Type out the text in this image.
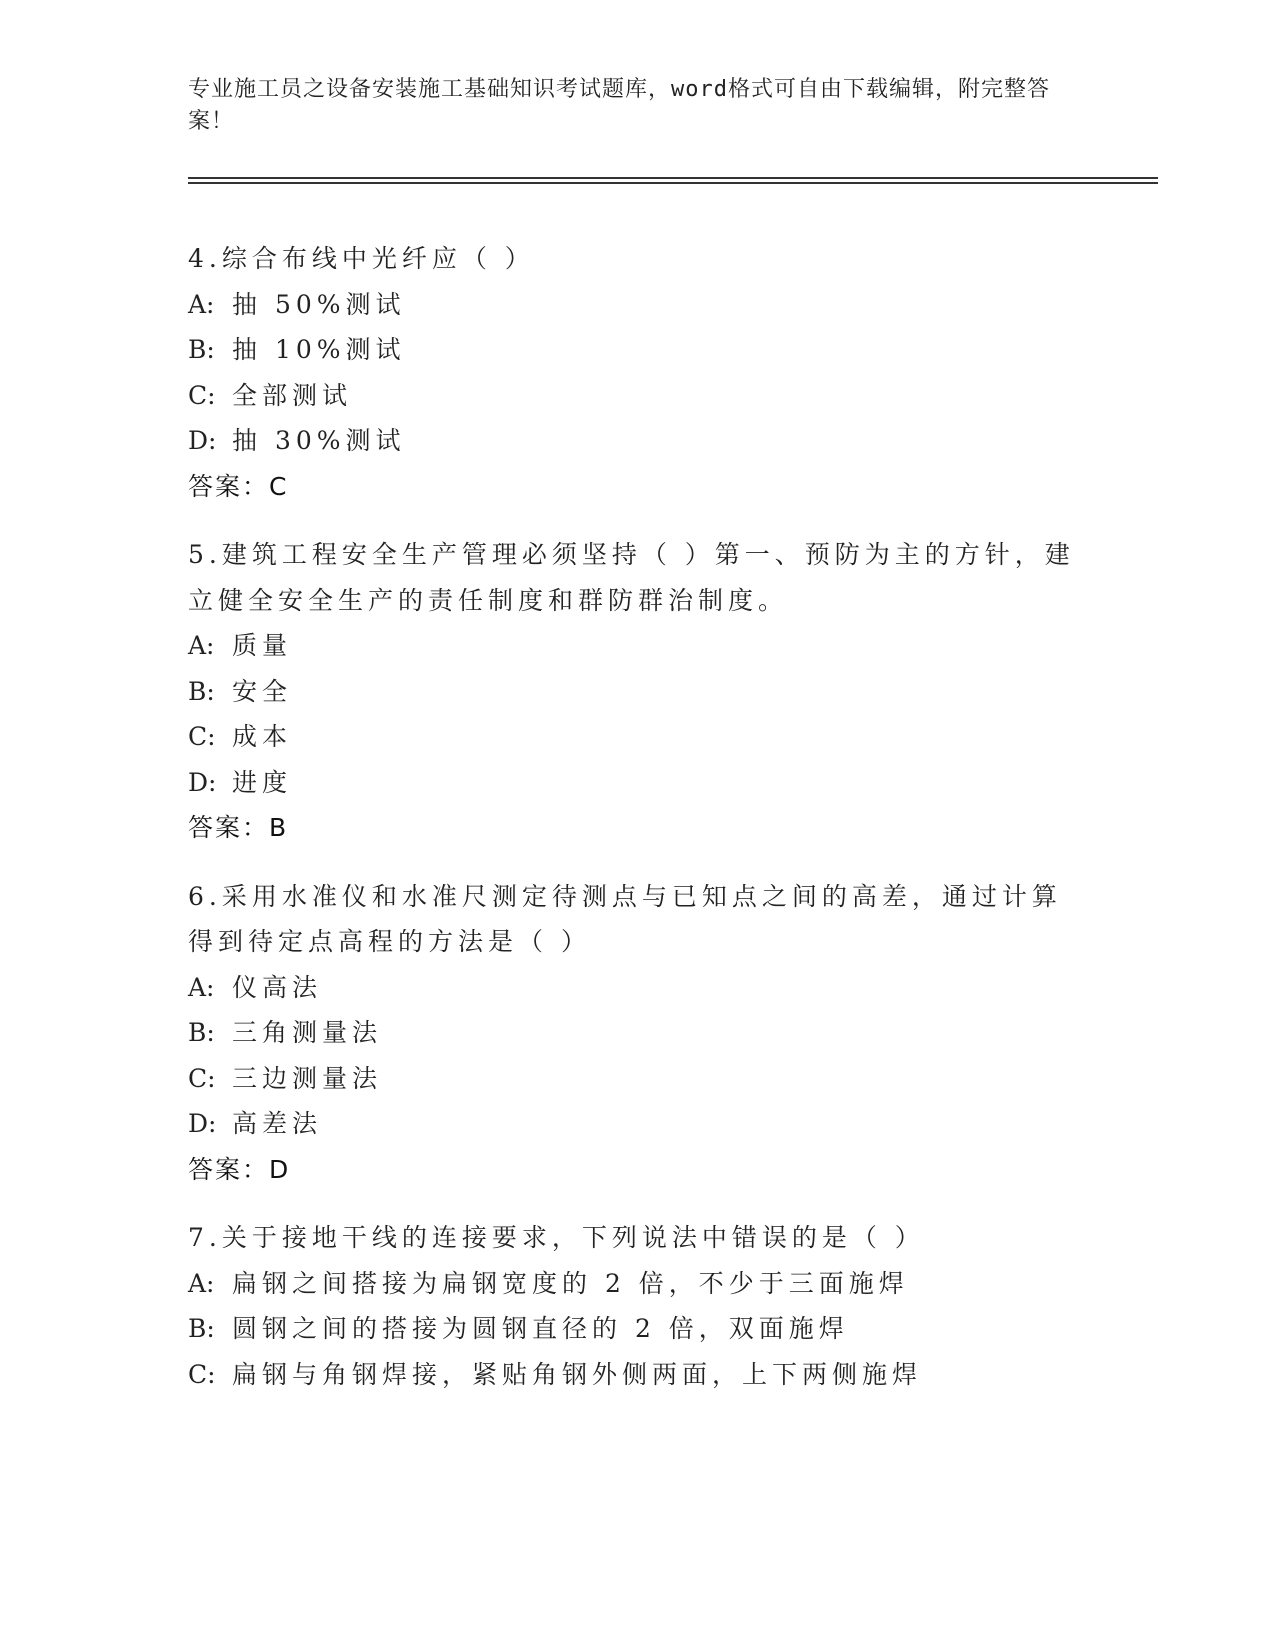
专业施工员之设备安装施工基础知识考试题库，word格式可自由下载编辑，附完整答案！
4.综合布线中光纤应（ ）
A: 抽 50%测试
B: 抽 10%测试
C: 全部测试
D: 抽 30%测试
答案：C
5.建筑工程安全生产管理必须坚持（ ）第一、预防为主的方针，建立健全安全生产的责任制度和群防群治制度。
A: 质量
B: 安全
C: 成本
D: 进度
答案：B
6.采用水准仪和水准尺测定待测点与已知点之间的高差，通过计算得到待定点高程的方法是（ ）
A: 仪高法
B: 三角测量法
C: 三边测量法
D: 高差法
答案：D
7.关于接地干线的连接要求，下列说法中错误的是（ ）
A: 扁钢之间搭接为扁钢宽度的 2 倍，不少于三面施焊
B: 圆钢之间的搭接为圆钢直径的 2 倍，双面施焊
C: 扁钢与角钢焊接，紧贴角钢外侧两面，上下两侧施焊
